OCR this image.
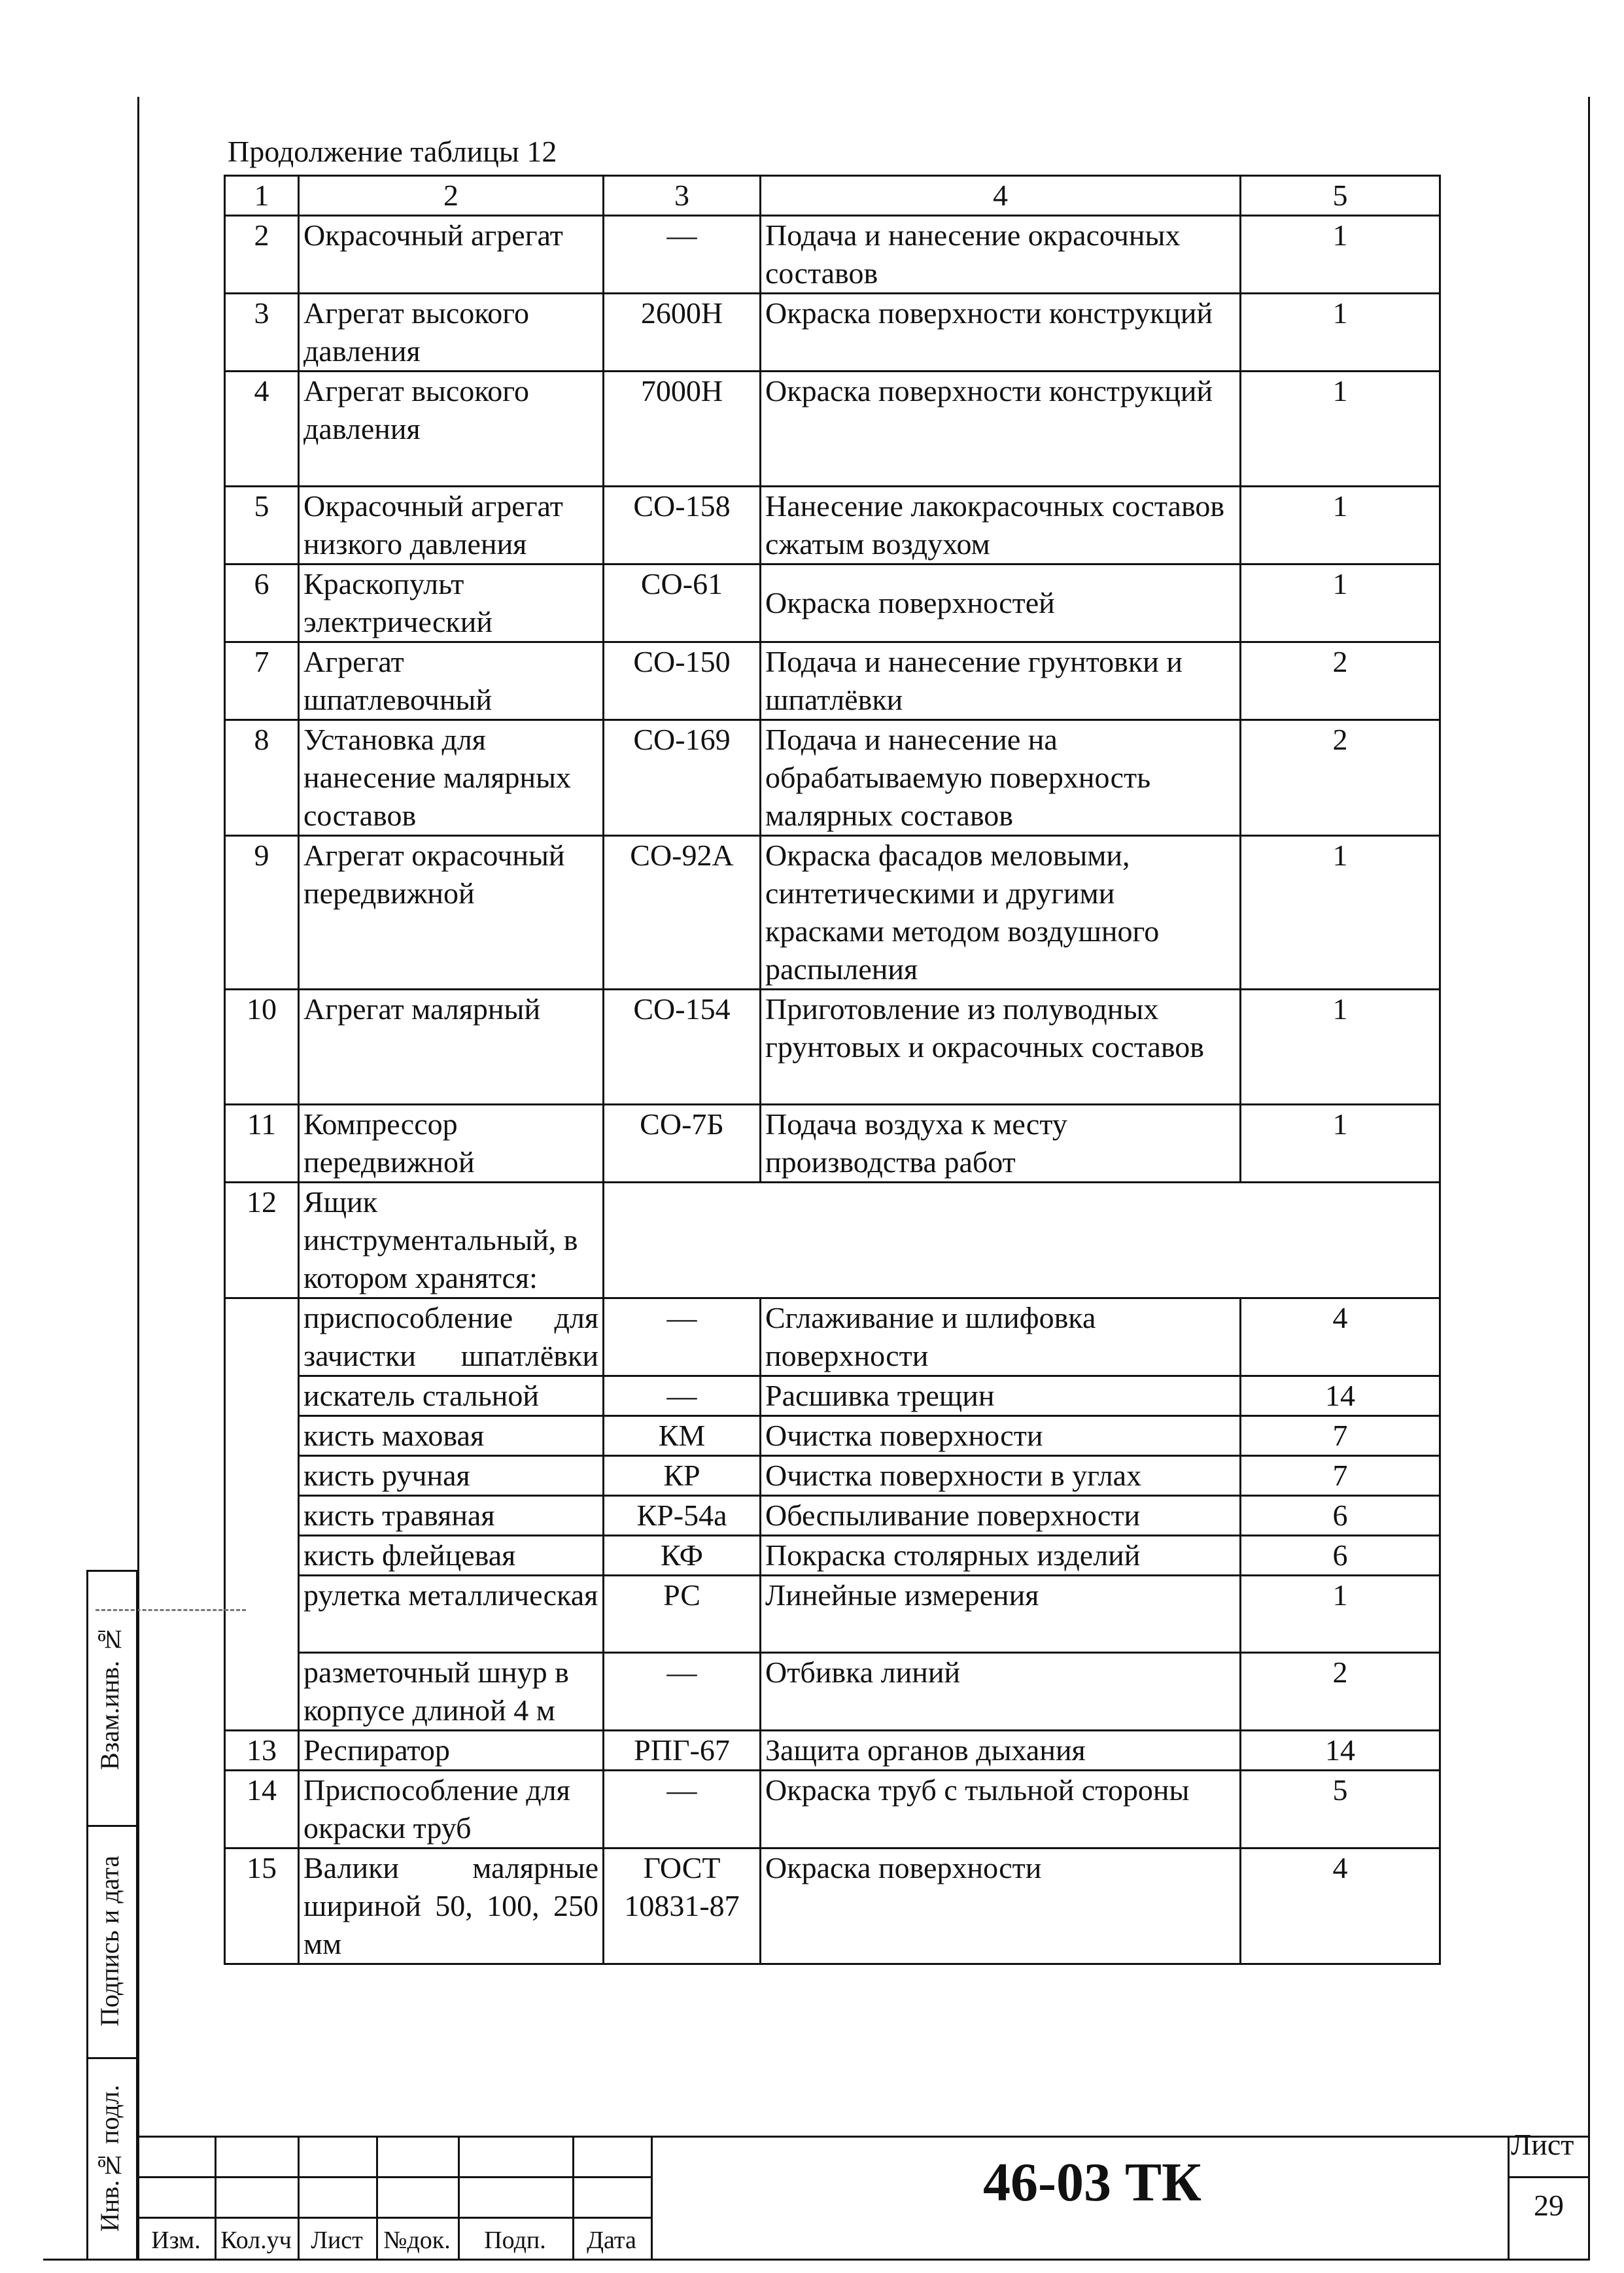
Продолжение таблицы 12
1	2	3	4	5
2	Окрасочный агрегат	—	Подача и нанесение окрасочных составов	1
3	Агрегат высокого давления	2600Н	Окраска поверхности конструкций	1
4	Агрегат высокого давления	7000Н	Окраска поверхности конструкций	1
5	Окрасочный агрегат низкого давления	СО-158	Нанесение лакокрасочных составов сжатым воздухом	1
6	Краскопульт электрический	СО-61	Окраска поверхностей	1
7	Агрегат шпатлевочный	СО-150	Подача и нанесение грунтовки и шпатлёвки	2
8	Установка для нанесение малярных составов	СО-169	Подача и нанесение на обрабатываемую поверхность малярных составов	2
9	Агрегат окрасочный передвижной	СО-92А	Окраска фасадов меловыми, синтетическими и другими красками методом воздушного распыления	1
10	Агрегат малярный	СО-154	Приготовление из полуводных грунтовых и окрасочных составов	1
11	Компрессор передвижной	СО-7Б	Подача воздуха к месту производства работ	1
12	Ящик инструментальный, в котором хранятся:			
	приспособление для зачистки шпатлёвки	—	Сглаживание и шлифовка поверхности	4
	искатель стальной	—	Расшивка трещин	14
	кисть маховая	КМ	Очистка поверхности	7
	кисть ручная	КР	Очистка поверхности в углах	7
	кисть травяная	КР-54а	Обеспыливание поверхности	6
	кисть флейцевая	КФ	Покраска столярных изделий	6
	рулетка металлическая	РС	Линейные измерения	1
	разметочный шнур в корпусе длиной 4 м	—	Отбивка линий	2
13	Респиратор	РПГ-67	Защита органов дыхания	14
14	Приспособление для окраски труб	—	Окраска труб с тыльной стороны	5
15	Валики малярные шириной 50, 100, 250 мм	ГОСТ 10831-87	Окраска поверхности	4
Взам.инв. №
Подпись и дата
Инв.№ подл.
Изм. Кол.уч Лист №док.	Подп.	Дата
46-03 ТК
Лист
29
